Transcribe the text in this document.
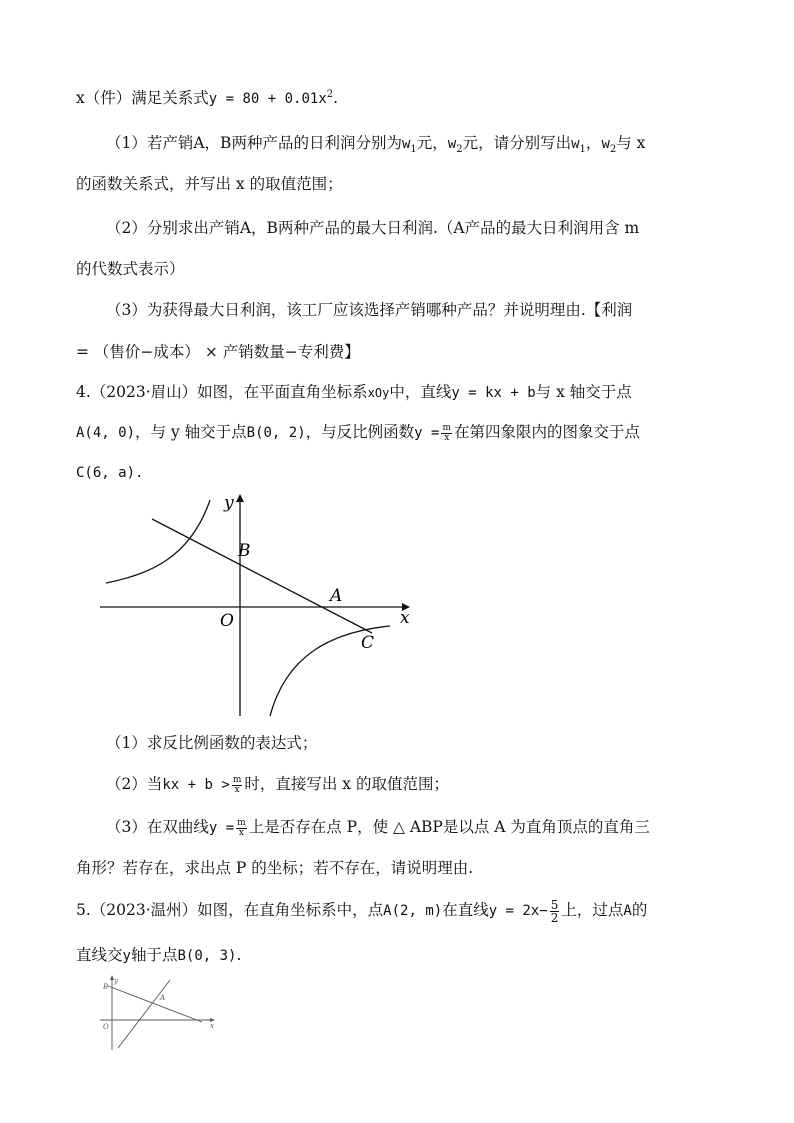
x（件）满足关系式$y = 80 + 0.01x^2$.
（1）若产销A，B两种产品的日利润分别为$w_1$元，$w_2$元，请分别写出$w_1$，$w_2$与 x
的函数关系式，并写出 x 的取值范围；
（2）分别求出产销A，B两种产品的最大日利润.（A产品的最大日利润用含 m
的代数式表示）
（3）为获得最大日利润，该工厂应该选择产销哪种产品？并说明理由.【利润
= （售价−成本） × 产销数量−专利费】
4.（2023·眉山）如图，在平面直角坐标系xOy中，直线y = kx + b与 x 轴交于点
A(4, 0)，与 y 轴交于点B(0, 2)，与反比例函数$y = \frac{m}{x}$ 在第四象限内的图象交于点
C(6, a).
y
B
A
O	x
C
（1）求反比例函数的表达式；
（2）当kx + $b > \frac{m}{x}$ 时，直接写出 x 的取值范围；
（3）在双曲线$y = \frac{m}{x}$ 上是否存在点 P，使 △ ABP是以点 A 为直角顶点的直角三
角形？若存在，求出点 P 的坐标；若不存在，请说明理由.
5.（2023·温州）如图，在直角坐标系中，点A(2, m)在直线$y = 2x- \frac{5}{2}$ 上，过点A的
直线交y轴于点B(0, 3).
y
B
A
O	x
